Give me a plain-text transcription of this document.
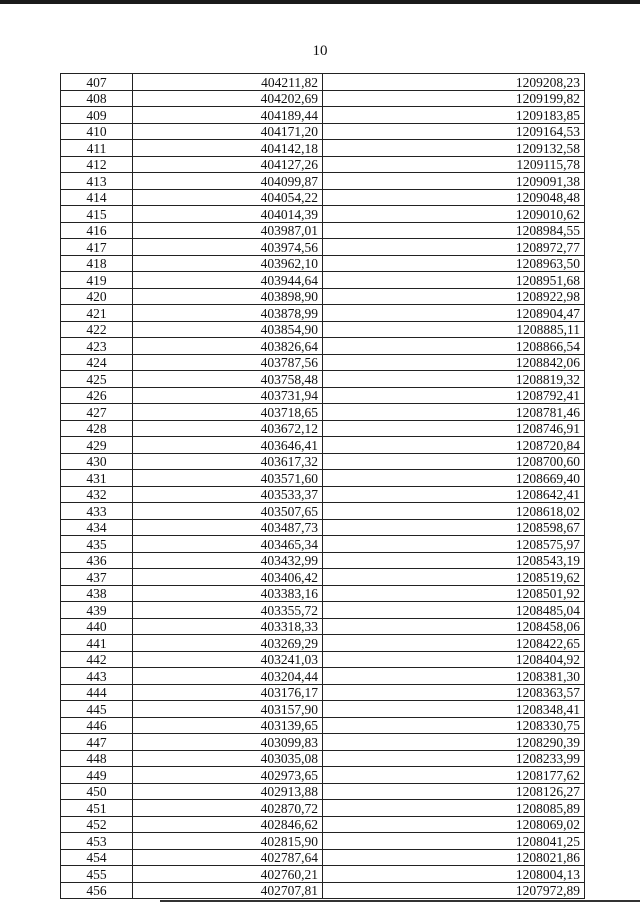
10
407	404211,82	1209208,23
408	404202,69	1209199,82
409	404189,44	1209183,85
410	404171,20	1209164,53
411	404142,18	1209132,58
412	404127,26	1209115,78
413	404099,87	1209091,38
414	404054,22	1209048,48
415	404014,39	1209010,62
416	403987,01	1208984,55
417	403974,56	1208972,77
418	403962,10	1208963,50
419	403944,64	1208951,68
420	403898,90	1208922,98
421	403878,99	1208904,47
422	403854,90	1208885,11
423	403826,64	1208866,54
424	403787,56	1208842,06
425	403758,48	1208819,32
426	403731,94	1208792,41
427	403718,65	1208781,46
428	403672,12	1208746,91
429	403646,41	1208720,84
430	403617,32	1208700,60
431	403571,60	1208669,40
432	403533,37	1208642,41
433	403507,65	1208618,02
434	403487,73	1208598,67
435	403465,34	1208575,97
436	403432,99	1208543,19
437	403406,42	1208519,62
438	403383,16	1208501,92
439	403355,72	1208485,04
440	403318,33	1208458,06
441	403269,29	1208422,65
442	403241,03	1208404,92
443	403204,44	1208381,30
444	403176,17	1208363,57
445	403157,90	1208348,41
446	403139,65	1208330,75
447	403099,83	1208290,39
448	403035,08	1208233,99
449	402973,65	1208177,62
450	402913,88	1208126,27
451	402870,72	1208085,89
452	402846,62	1208069,02
453	402815,90	1208041,25
454	402787,64	1208021,86
455	402760,21	1208004,13
456	402707,81	1207972,89
